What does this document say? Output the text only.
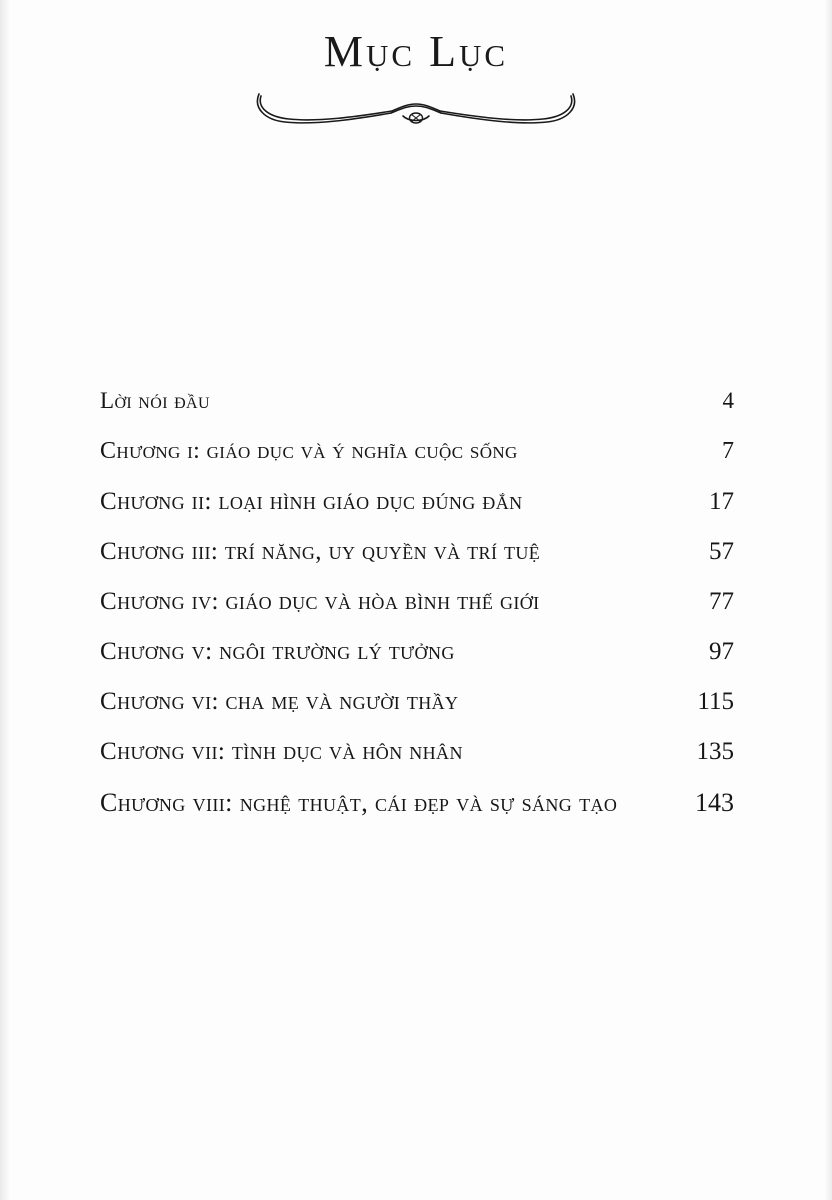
Mục Lục
Lời nói đầu	4
Chương i: giáo dục và ý nghĩa cuộc sống	7
Chương ii: loại hình giáo dục đúng đắn	17
Chương iii: trí năng, uy quyền và trí tuệ	57
Chương iv: giáo dục và hòa bình thế giới	77
Chương v: ngôi trường lý tưởng	97
Chương vi: cha mẹ và người thầy	115
Chương vii: tình dục và hôn nhân	135
Chương viii: nghệ thuật, cái đẹp và sự sáng tạo	143
